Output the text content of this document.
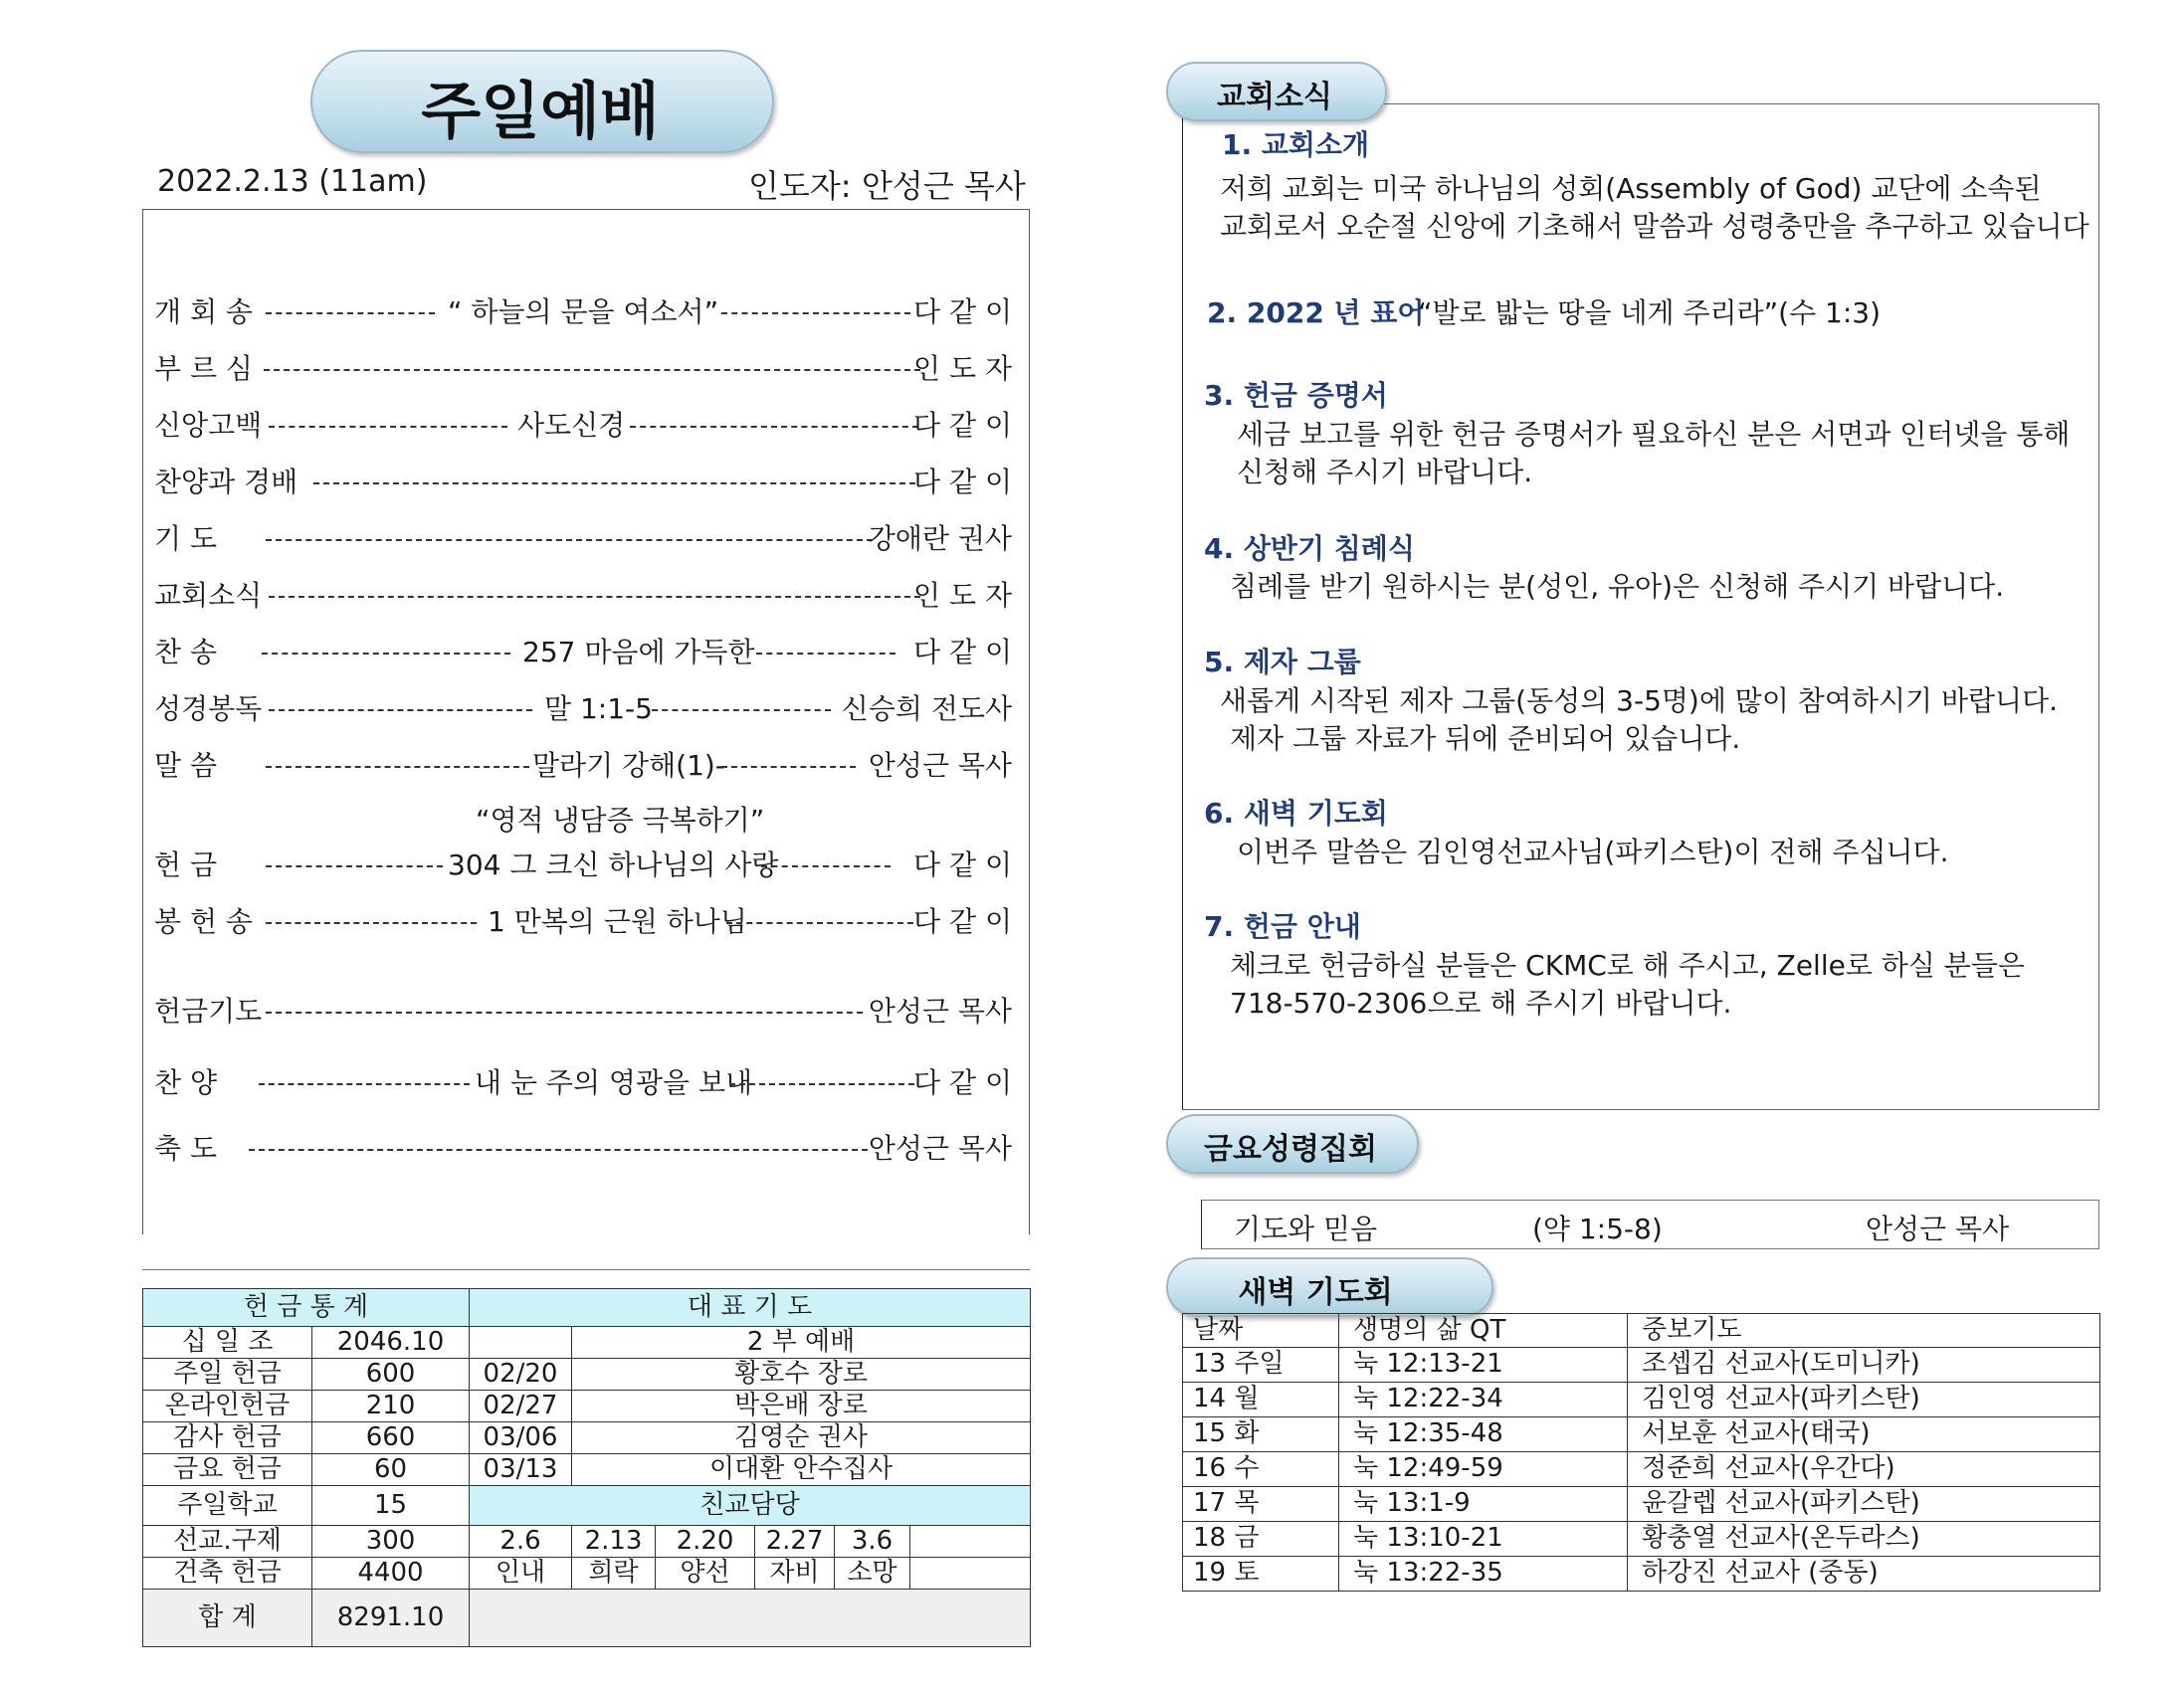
주일예배
2022.2.13 (11am)	인도자: 안성근 목사
개 회 송	“ 하늘의 문을 여소서”	다 같 이
부 르 심	인 도 자
신앙고백	사도신경	다 같 이
찬양과 경배	다 같 이
기 도	강애란 권사
교회소식	인 도 자
찬 송	257 마음에 가득한	다 같 이
성경봉독	말 1:1-5	신승희 전도사
말 씀	말라기 강해(1)-	안성근 목사
“영적 냉담증 극복하기”
헌 금	304 그 크신 하나님의 사랑	다 같 이
봉 헌 송	1 만복의 근원 하나님	다 같 이
헌금기도	안성근 목사
찬 양	내 눈 주의 영광을 보내	다 같 이
축 도	안성근 목사
헌 금 통 계		대 표 기 도					
십 일 조	2046.10		2 부 예배				
주일 헌금	600	02/20	황호수 장로				
온라인헌금	210	02/27	박은배 장로				
감사 헌금	660	03/06	김영순 권사				
금요 헌금	60	03/13	이대환 안수집사				
주일학교	15	친교담당					
선교.구제	300	2.6	2.13	2.20	2.27	3.6	
건축 헌금	4400	인내	희락	양선	자비	소망	
합 계	8291.10						
교회소식
1. 교회소개
저희 교회는 미국 하나님의 성회(Assembly of God) 교단에 소속된
교회로서 오순절 신앙에 기초해서 말씀과 성령충만을 추구하고 있습니다
2. 2022 년 표어
“발로 밟는 땅을 네게 주리라”(수 1:3)
3. 헌금 증명서
세금 보고를 위한 헌금 증명서가 필요하신 분은 서면과 인터넷을 통해
신청해 주시기 바랍니다.
4. 상반기 침례식
침례를 받기 원하시는 분(성인, 유아)은 신청해 주시기 바랍니다.
5. 제자 그룹
새롭게 시작된 제자 그룹(동성의 3-5명)에 많이 참여하시기 바랍니다.
제자 그룹 자료가 뒤에 준비되어 있습니다.
6. 새벽 기도회
이번주 말씀은 김인영선교사님(파키스탄)이 전해 주십니다.
7. 헌금 안내
체크로 헌금하실 분들은 CKMC로 해 주시고, Zelle로 하실 분들은
718-570-2306으로 해 주시기 바랍니다.
금요성령집회
기도와 믿음	(약 1:5-8)	안성근 목사
새벽 기도회
날짜	생명의 삶 QT	중보기도
13 주일	눅 12:13-21	조셉김 선교사(도미니카)
14 월	눅 12:22-34	김인영 선교사(파키스탄)
15 화	눅 12:35-48	서보훈 선교사(태국)
16 수	눅 12:49-59	정준희 선교사(우간다)
17 목	눅 13:1-9	윤갈렙 선교사(파키스탄)
18 금	눅 13:10-21	황충열 선교사(온두라스)
19 토	눅 13:22-35	하강진 선교사 (중동)
